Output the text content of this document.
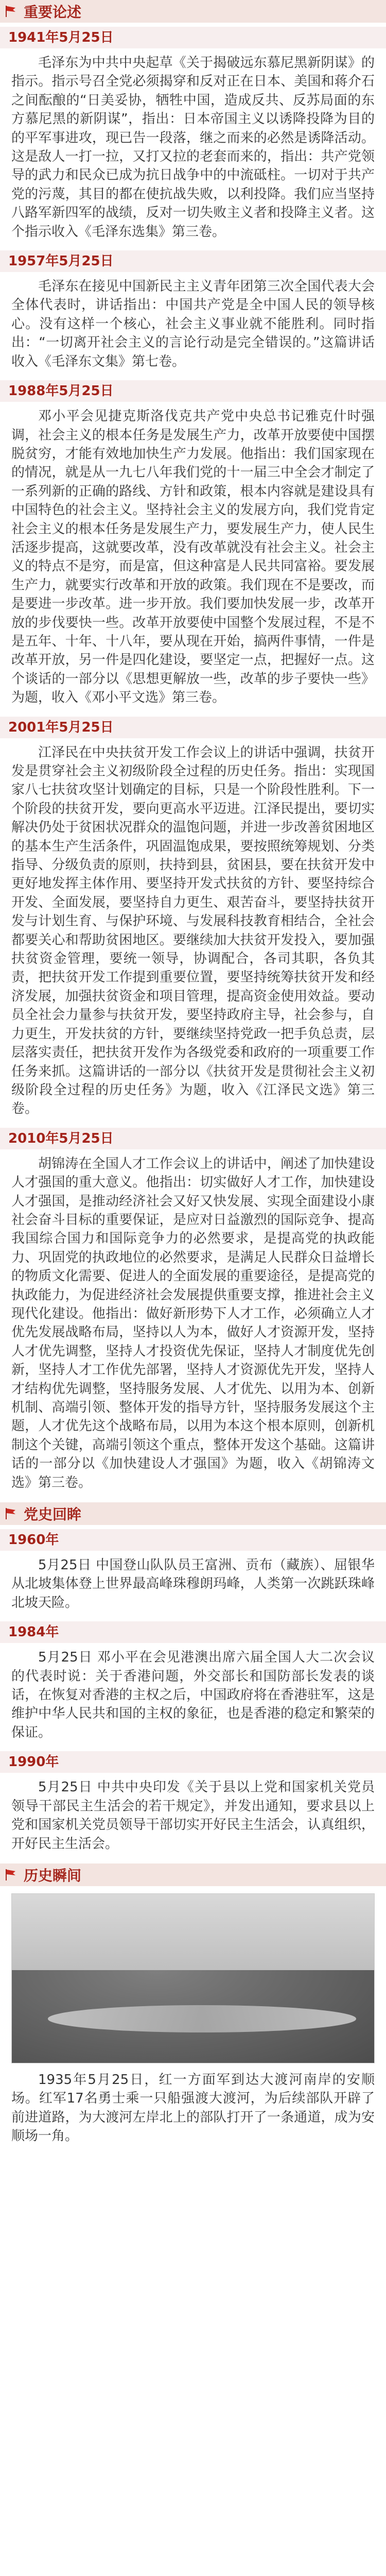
重要论述
1941年5月25日
毛泽东为中共中央起草《关于揭破远东慕尼黑新阴谋》的指示。指示号召全党必须揭穿和反对正在日本、美国和蒋介石之间酝酿的“日美妥协，牺牲中国，造成反共、反苏局面的东方慕尼黑的新阴谋”，指出：日本帝国主义以诱降投降为目的的平军事进攻，现已告一段落，继之而来的必然是诱降活动。这是敌人一打一拉，又打又拉的老套而来的，指出：共产党领导的武力和民众已成为抗日战争中的中流砥柱。一切对于共产党的污蔑，其目的都在使抗战失败，以利投降。我们应当坚持八路军新四军的战绩，反对一切失败主义者和投降主义者。这个指示收入《毛泽东选集》第三卷。
1957年5月25日
毛泽东在接见中国新民主主义青年团第三次全国代表大会全体代表时，讲话指出：中国共产党是全中国人民的领导核心。没有这样一个核心，社会主义事业就不能胜利。同时指出：“一切离开社会主义的言论行动是完全错误的。”这篇讲话收入《毛泽东文集》第七卷。
1988年5月25日
邓小平会见捷克斯洛伐克共产党中央总书记雅克什时强调，社会主义的根本任务是发展生产力，改革开放要使中国摆脱贫穷，才能有效地加快生产力发展。他指出：我们国家现在的情况，就是从一九七八年我们党的十一届三中全会才制定了一系列新的正确的路线、方针和政策，根本内容就是建设具有中国特色的社会主义。坚持社会主义的发展方向，我们党肯定社会主义的根本任务是发展生产力，要发展生产力，使人民生活逐步提高，这就要改革，没有改革就没有社会主义。社会主义的特点不是穷，而是富，但这种富是人民共同富裕。要发展生产力，就要实行改革和开放的政策。我们现在不是要改，而是要进一步改革。进一步开放。我们要加快发展一步，改革开放的步伐要快一些。改革开放要使中国整个发展过程，不是不是五年、十年、十八年，要从现在开始，搞两件事情，一件是改革开放，另一件是四化建设，要坚定一点，把握好一点。这个谈话的一部分以《思想更解放一些，改革的步子要快一些》为题，收入《邓小平文选》第三卷。
2001年5月25日
江泽民在中央扶贫开发工作会议上的讲话中强调，扶贫开发是贯穿社会主义初级阶段全过程的历史任务。指出：实现国家八七扶贫攻坚计划确定的目标，只是一个阶段性胜利。下一个阶段的扶贫开发，要向更高水平迈进。江泽民提出，要切实解决仍处于贫困状况群众的温饱问题，并进一步改善贫困地区的基本生产生活条件，巩固温饱成果，要按照统筹规划、分类指导、分级负责的原则，扶持到县，贫困县，要在扶贫开发中更好地发挥主体作用、要坚持开发式扶贫的方针、要坚持综合开发、全面发展，要坚持自力更生、艰苦奋斗，要坚持扶贫开发与计划生育、与保护环境、与发展科技教育相结合，全社会都要关心和帮助贫困地区。要继续加大扶贫开发投入，要加强扶贫资金管理，要统一领导，协调配合，各司其职，各负其责，把扶贫开发工作提到重要位置，要坚持统筹扶贫开发和经济发展，加强扶贫资金和项目管理，提高资金使用效益。要动员全社会力量参与扶贫开发，要坚持政府主导，社会参与，自力更生，开发扶贫的方针，要继续坚持党政一把手负总责，层层落实责任，把扶贫开发作为各级党委和政府的一项重要工作任务来抓。这篇讲话的一部分以《扶贫开发是贯彻社会主义初级阶段全过程的历史任务》为题，收入《江泽民文选》第三卷。
2010年5月25日
胡锦涛在全国人才工作会议上的讲话中，阐述了加快建设人才强国的重大意义。他指出：切实做好人才工作，加快建设人才强国，是推动经济社会又好又快发展、实现全面建设小康社会奋斗目标的重要保证，是应对日益激烈的国际竞争、提高我国综合国力和国际竞争力的必然要求，是提高党的执政能力、巩固党的执政地位的必然要求，是满足人民群众日益增长的物质文化需要、促进人的全面发展的重要途径，是提高党的执政能力，为促进经济社会发展提供重要支撑，推进社会主义现代化建设。他指出：做好新形势下人才工作，必须确立人才优先发展战略布局，坚持以人为本，做好人才资源开发，坚持人才优先调整，坚持人才投资优先保证，坚持人才制度优先创新，坚持人才工作优先部署，坚持人才资源优先开发，坚持人才结构优先调整，坚持服务发展、人才优先、以用为本、创新机制、高端引领、整体开发的指导方针，坚持服务发展这个主题，人才优先这个战略布局，以用为本这个根本原则，创新机制这个关键，高端引领这个重点，整体开发这个基础。这篇讲话的一部分以《加快建设人才强国》为题，收入《胡锦涛文选》第三卷。
党史回眸
1960年
5月25日 中国登山队队员王富洲、贡布（藏族）、屈银华从北坡集体登上世界最高峰珠穆朗玛峰，人类第一次跳跃珠峰北坡天险。
1984年
5月25日 邓小平在会见港澳出席六届全国人大二次会议的代表时说：关于香港问题，外交部长和国防部长发表的谈话，在恢复对香港的主权之后，中国政府将在香港驻军，这是维护中华人民共和国的主权的象征，也是香港的稳定和繁荣的保证。
1990年
5月25日 中共中央印发《关于县以上党和国家机关党员领导干部民主生活会的若干规定》，并发出通知，要求县以上党和国家机关党员领导干部切实开好民主生活会，认真组织，开好民主生活会。
历史瞬间
1935年5月25日，红一方面军到达大渡河南岸的安顺场。红军17名勇士乘一只船强渡大渡河，为后续部队开辟了前进道路，为大渡河左岸北上的部队打开了一条通道，成为安顺场一角。
